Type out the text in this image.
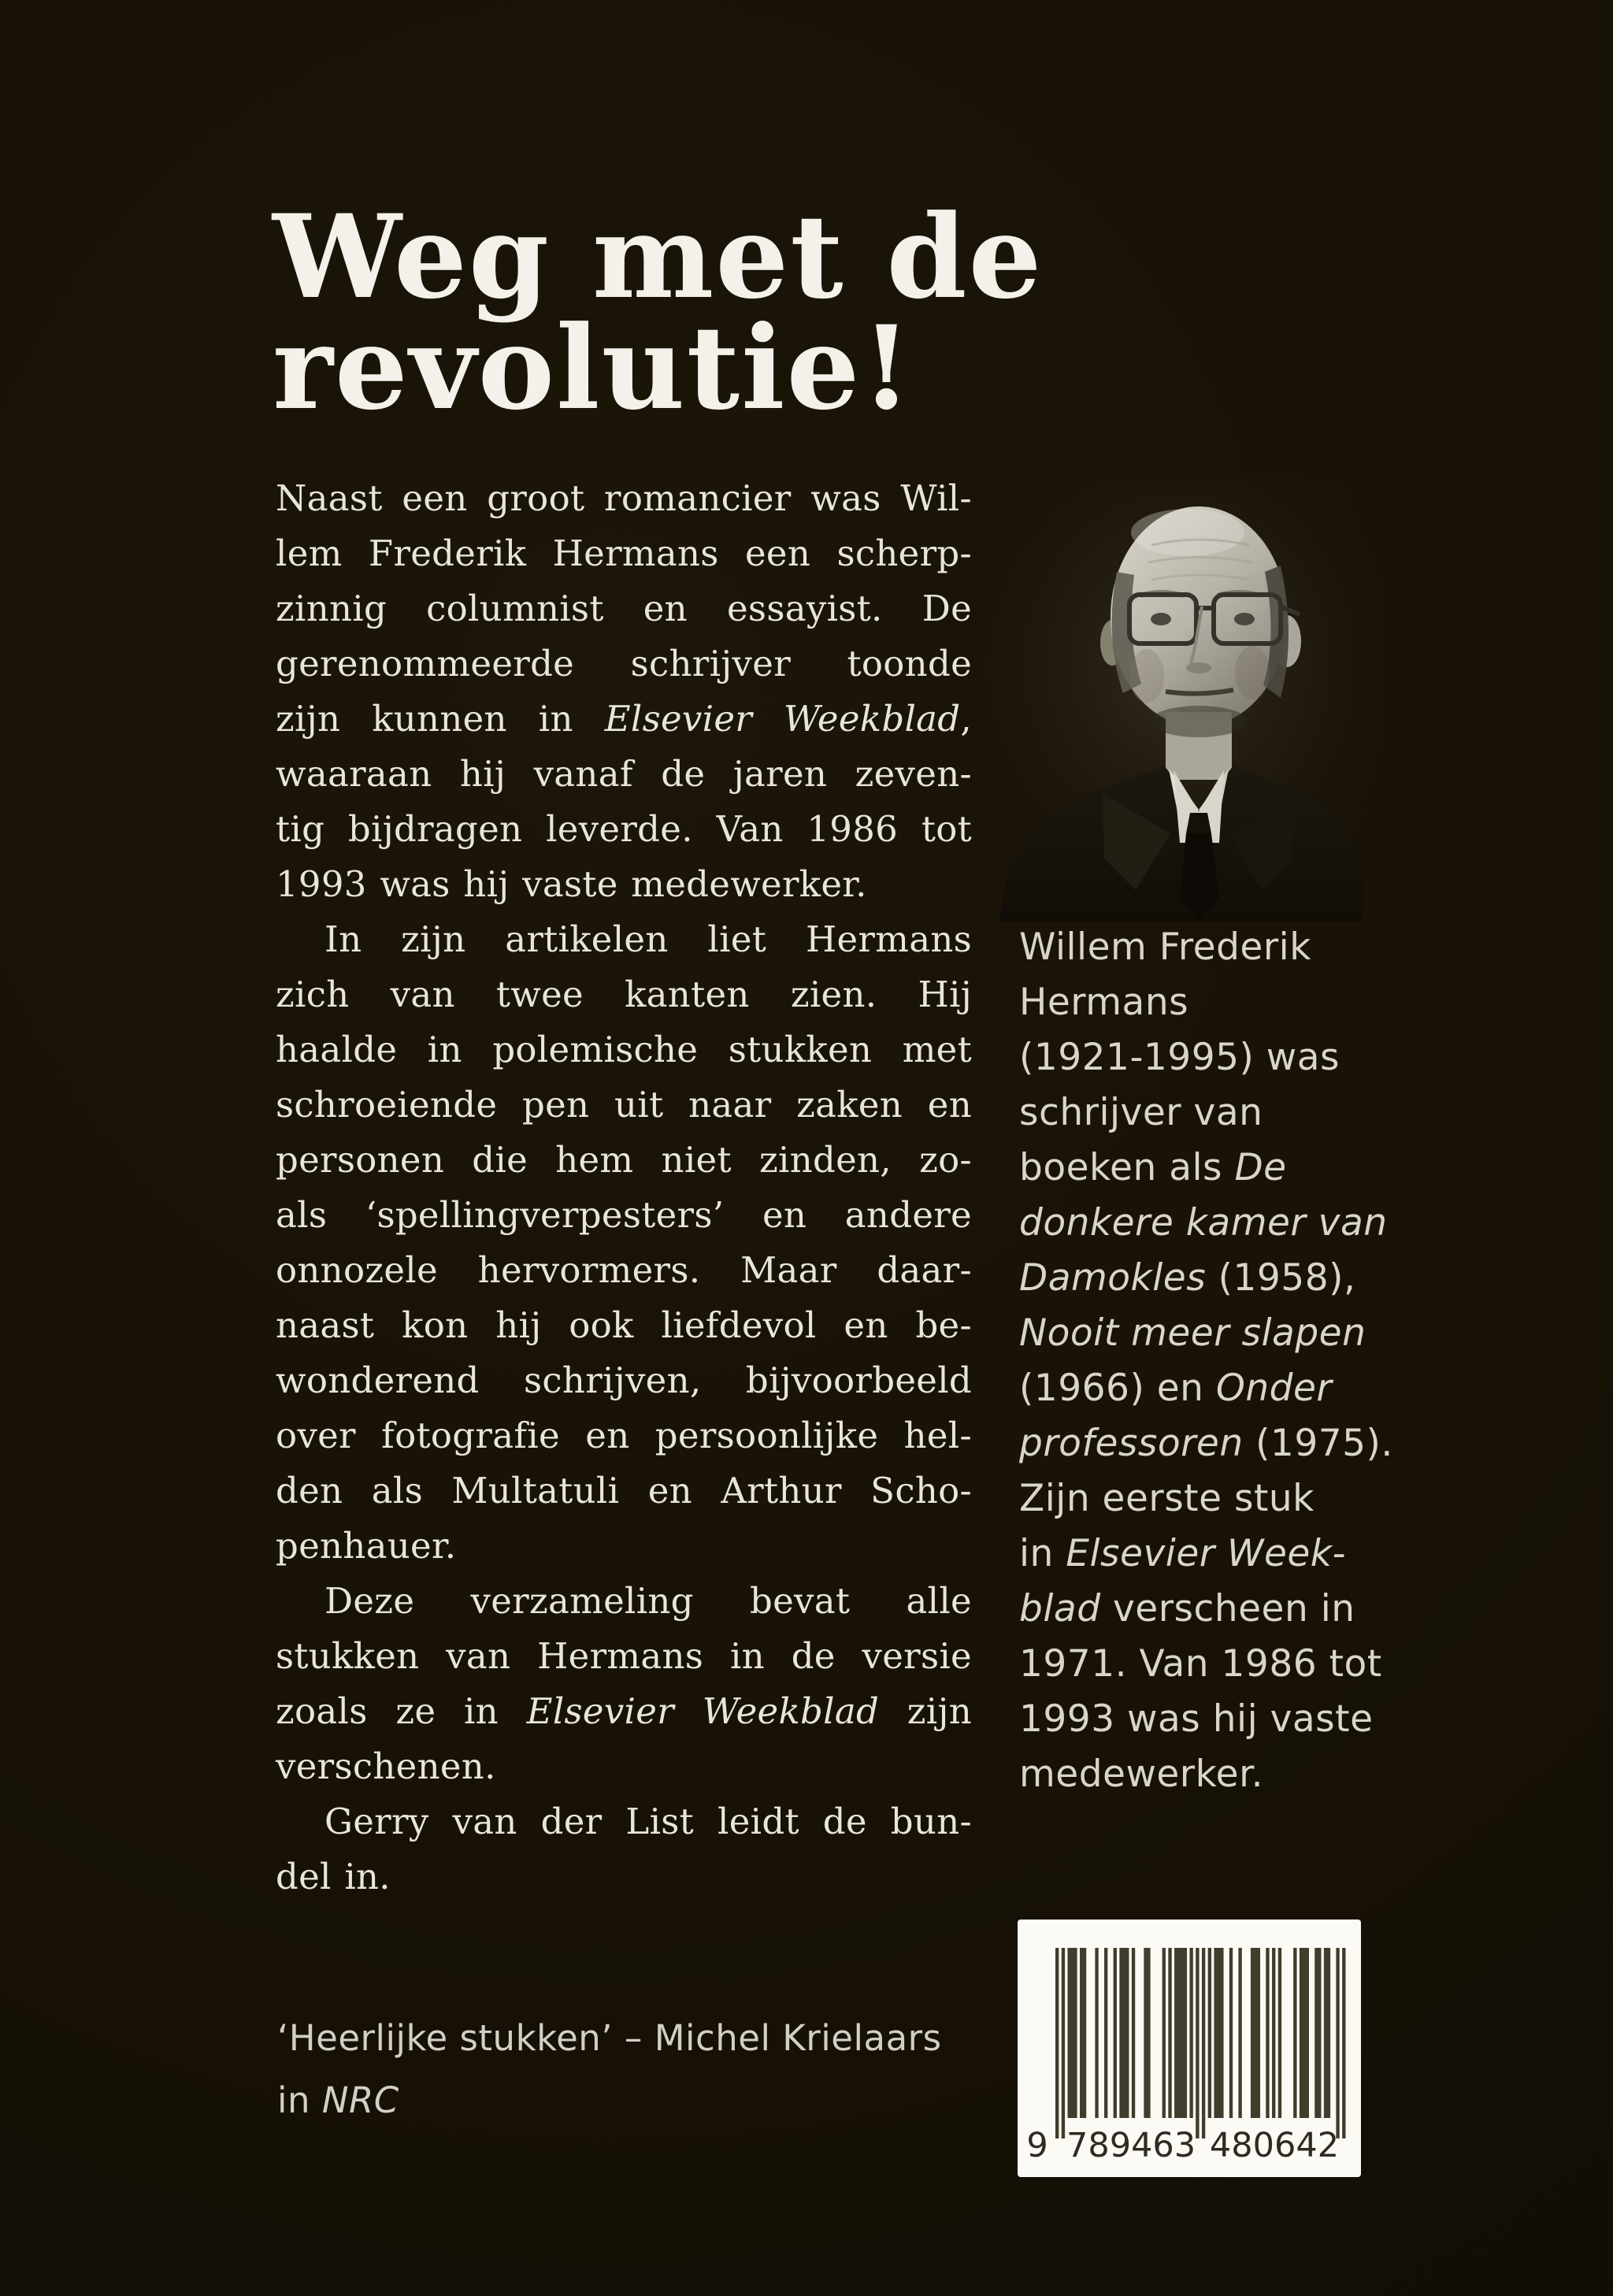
Weg met de
revolutie!
Naast een groot romancier was Wil-
lem Frederik Hermans een scherp-
zinnig columnist en essayist. De
gerenommeerde schrijver toonde
zijn kunnen in Elsevier Weekblad,
waaraan hij vanaf de jaren zeven-
tig bijdragen leverde. Van 1986 tot
1993 was hij vaste medewerker.
In zijn artikelen liet Hermans
zich van twee kanten zien. Hij
haalde in polemische stukken met
schroeiende pen uit naar zaken en
personen die hem niet zinden, zo-
als ‘spellingverpesters’ en andere
onnozele hervormers. Maar daar-
naast kon hij ook liefdevol en be-
wonderend schrijven, bijvoorbeeld
over fotografie en persoonlijke hel-
den als Multatuli en Arthur Scho-
penhauer.
Deze verzameling bevat alle
stukken van Hermans in de versie
zoals ze in Elsevier Weekblad zijn
verschenen.
Gerry van der List leidt de bun-
del in.
Willem Frederik
Hermans
(1921-1995) was
schrijver van
boeken als De
donkere kamer van
Damokles (1958),
Nooit meer slapen
(1966) en Onder
professoren (1975).
Zijn eerste stuk
in Elsevier Week-
blad verscheen in
1971. Van 1986 tot
1993 was hij vaste
medewerker.
‘Heerlijke stukken’ – Michel Krielaars
in NRC
9 789463 480642
